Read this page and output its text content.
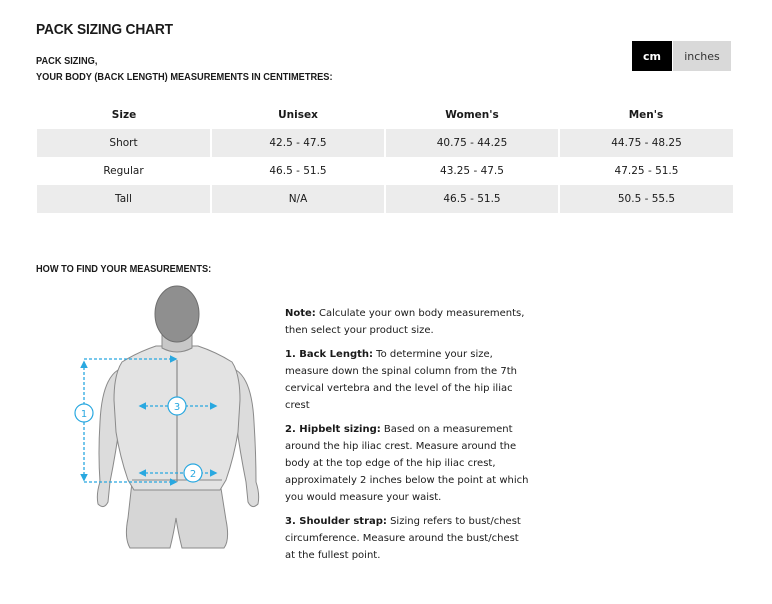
PACK SIZING CHART
PACK SIZING,
YOUR BODY (BACK LENGTH) MEASUREMENTS IN CENTIMETRES:
cm	inches
Size	Unisex	Women's	Men's
Short	42.5 - 47.5	40.75 - 44.25	44.75 - 48.25
Regular	46.5 - 51.5	43.25 - 47.5	47.25 - 51.5
Tall	N/A	46.5 - 51.5	50.5 - 55.5
HOW TO FIND YOUR MEASUREMENTS:
1
3
2

Note: Calculate your own body measurements, then select your product size.

1. Back Length: To determine your size, measure down the spinal column from the 7th cervical vertebra and the level of the hip iliac crest

2. Hipbelt sizing: Based on a measurement around the hip iliac crest. Measure around the body at the top edge of the hip iliac crest, approximately 2 inches below the point at which you would measure your waist.

3. Shoulder strap: Sizing refers to bust/chest circumference. Measure around the bust/chest at the fullest point.
